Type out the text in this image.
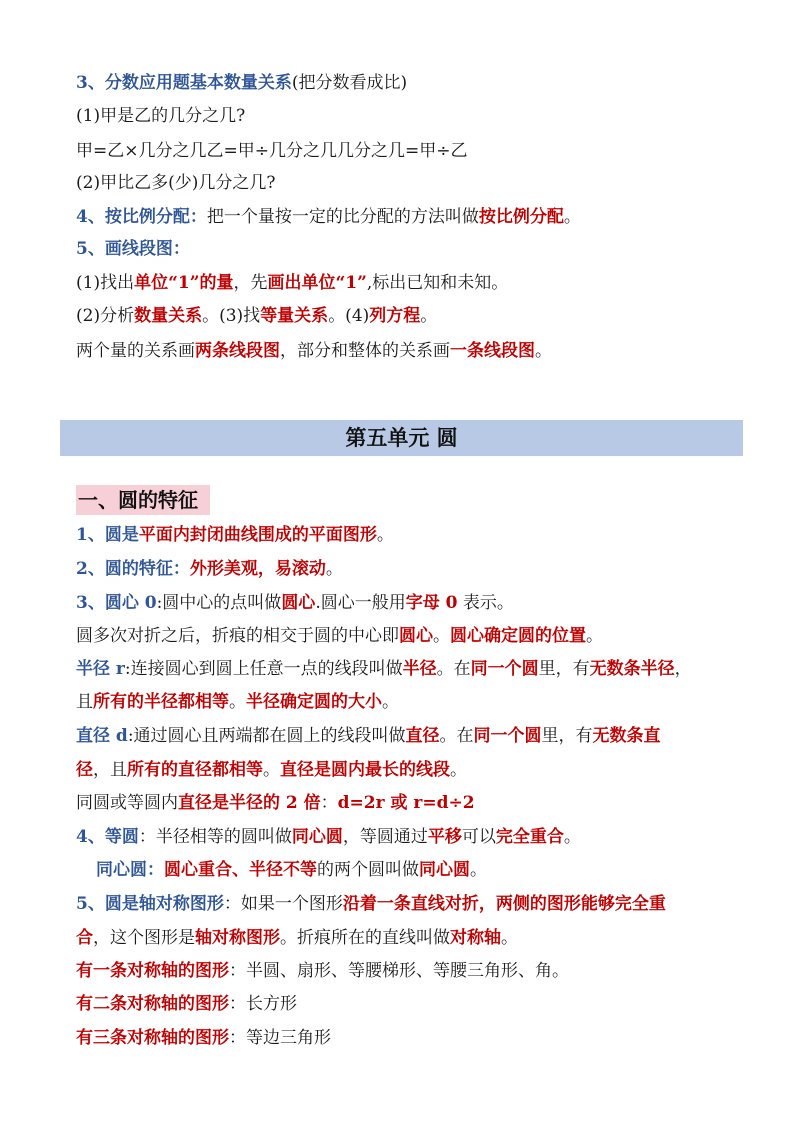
3、分数应用题基本数量关系(把分数看成比)
(1)甲是乙的几分之几?
甲=乙×几分之几乙=甲÷几分之几几分之几=甲÷乙
(2)甲比乙多(少)几分之几?
4、按比例分配：把一个量按一定的比分配的方法叫做按比例分配。
5、画线段图：
(1)找出单位“1”的量，先画出单位“1”,标出已知和未知。
(2)分析数量关系。(3)找等量关系。(4)列方程。
两个量的关系画两条线段图，部分和整体的关系画一条线段图。
第五单元 圆
一、圆的特征
1、圆是平面内封闭曲线围成的平面图形。
2、圆的特征：外形美观，易滚动。
3、圆心 0:圆中心的点叫做圆心.圆心一般用字母 0 表示。
圆多次对折之后，折痕的相交于圆的中心即圆心。圆心确定圆的位置。
半径 r:连接圆心到圆上任意一点的线段叫做半径。在同一个圆里，有无数条半径，
且所有的半径都相等。半径确定圆的大小。
直径 d:通过圆心且两端都在圆上的线段叫做直径。在同一个圆里，有无数条直
径，且所有的直径都相等。直径是圆内最长的线段。
同圆或等圆内直径是半径的 2 倍：d=2r 或 r=d÷2
4、等圆：半径相等的圆叫做同心圆，等圆通过平移可以完全重合。
同心圆：圆心重合、半径不等的两个圆叫做同心圆。
5、圆是轴对称图形：如果一个图形沿着一条直线对折，两侧的图形能够完全重
合，这个图形是轴对称图形。折痕所在的直线叫做对称轴。
有一条对称轴的图形：半圆、扇形、等腰梯形、等腰三角形、角。
有二条对称轴的图形：长方形
有三条对称轴的图形：等边三角形
